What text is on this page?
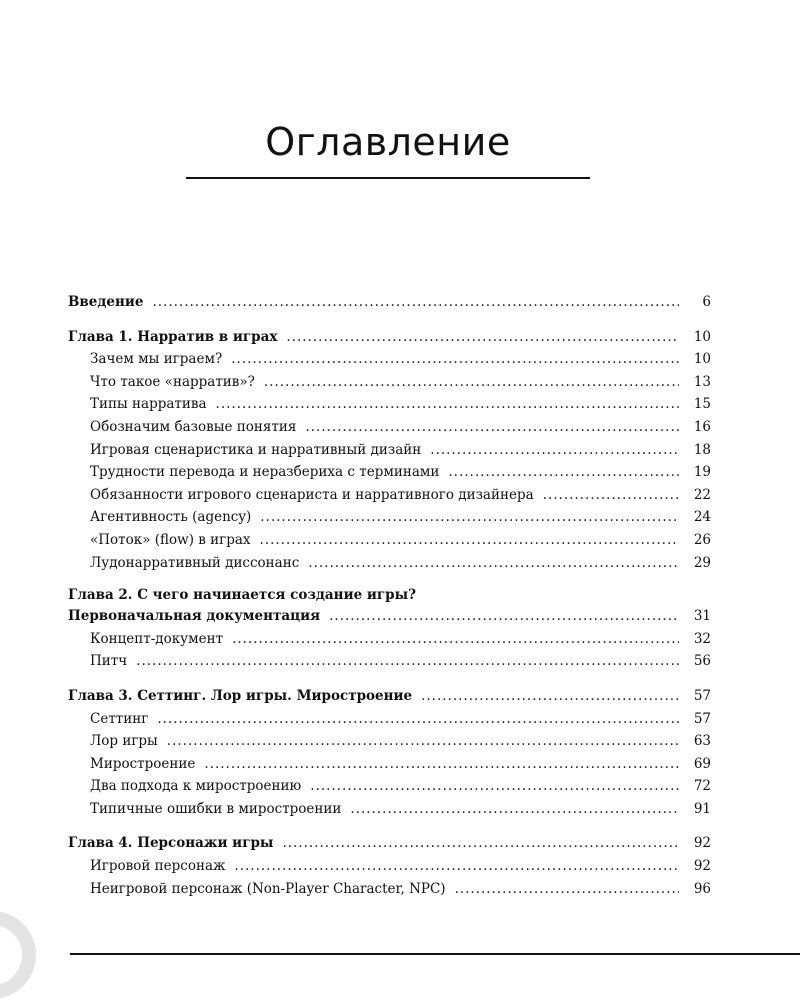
Оглавление
Введение .....	6
Глава 1. Нарратив в играх .....	10
Зачем мы играем? .....	10
Что такое «нарратив»? .....	13
Типы нарратива .....	15
Обозначим базовые понятия .....	16
Игровая сценаристика и нарративный дизайн .....	18
Трудности перевода и неразбериха с терминами .....	19
Обязанности игрового сценариста и нарративного дизайнера .....	22
Агентивность (agency) .....	24
«Поток» (flow) в играх .....	26
Лудонарративный диссонанс .....	29
Глава 2. С чего начинается создание игры?
Первоначальная документация .....	31
Концепт-документ .....	32
Питч .....	56
Глава 3. Сеттинг. Лор игры. Миростроение .....	57
Сеттинг .....	57
Лор игры .....	63
Миростроение .....	69
Два подхода к миростроению .....	72
Типичные ошибки в миростроении .....	91
Глава 4. Персонажи игры .....	92
Игровой персонаж .....	92
Неигровой персонаж (Non-Player Character, NPC) .....	96
